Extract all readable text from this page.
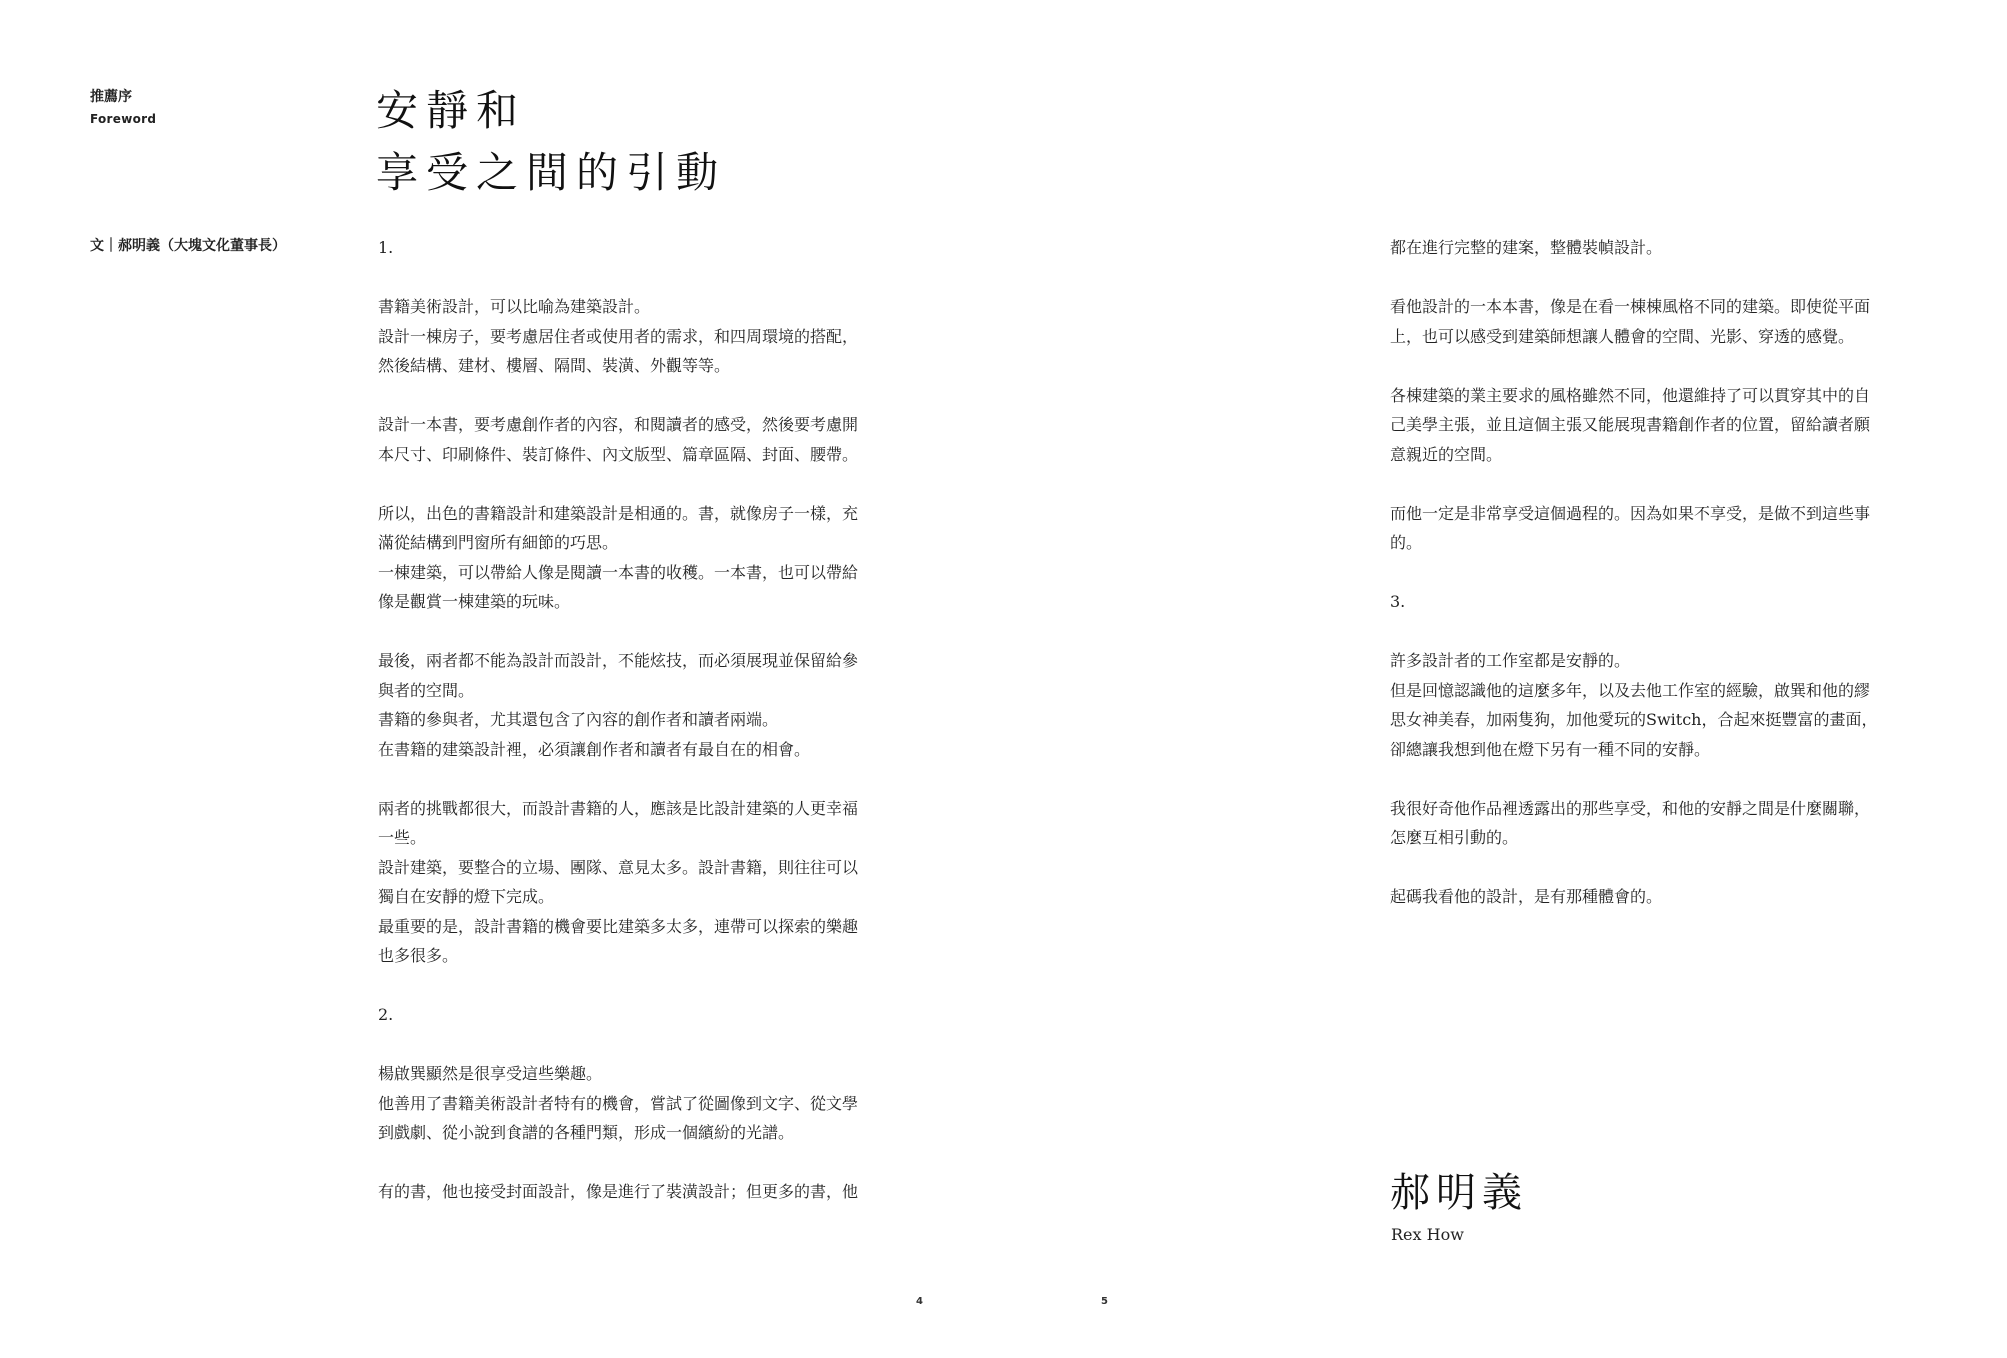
推薦序
Foreword	安靜和
享受之間的引動
文｜郝明義（大塊文化董事長）	1.

書籍美術設計，可以比喻為建築設計。
設計一棟房子，要考慮居住者或使用者的需求，和四周環境的搭配，
然後結構、建材、樓層、隔間、裝潢、外觀等等。

設計一本書，要考慮創作者的內容，和閱讀者的感受，然後要考慮開
本尺寸、印刷條件、裝訂條件、內文版型、篇章區隔、封面、腰帶。

所以，出色的書籍設計和建築設計是相通的。書，就像房子一樣，充
滿從結構到門窗所有細節的巧思。
一棟建築，可以帶給人像是閱讀一本書的收穫。一本書，也可以帶給
像是觀賞一棟建築的玩味。

最後，兩者都不能為設計而設計，不能炫技，而必須展現並保留給參
與者的空間。
書籍的參與者，尤其還包含了內容的創作者和讀者兩端。
在書籍的建築設計裡，必須讓創作者和讀者有最自在的相會。

兩者的挑戰都很大，而設計書籍的人，應該是比設計建築的人更幸福
一些。
設計建築，要整合的立場、團隊、意見太多。設計書籍，則往往可以
獨自在安靜的燈下完成。
最重要的是，設計書籍的機會要比建築多太多，連帶可以探索的樂趣
也多很多。

2.

楊啟巽顯然是很享受這些樂趣。
他善用了書籍美術設計者特有的機會，嘗試了從圖像到文字、從文學
到戲劇、從小說到食譜的各種門類，形成一個繽紛的光譜。

有的書，他也接受封面設計，像是進行了裝潢設計；但更多的書，他

都在進行完整的建案，整體裝幀設計。

看他設計的一本本書，像是在看一棟棟風格不同的建築。即使從平面
上，也可以感受到建築師想讓人體會的空間、光影、穿透的感覺。

各棟建築的業主要求的風格雖然不同，他還維持了可以貫穿其中的自
己美學主張，並且這個主張又能展現書籍創作者的位置，留給讀者願
意親近的空間。

而他一定是非常享受這個過程的。因為如果不享受，是做不到這些事
的。

3.

許多設計者的工作室都是安靜的。
但是回憶認識他的這麼多年，以及去他工作室的經驗，啟巽和他的繆
思女神美春，加兩隻狗，加他愛玩的Switch，合起來挺豐富的畫面，
卻總讓我想到他在燈下另有一種不同的安靜。

我很好奇他作品裡透露出的那些享受，和他的安靜之間是什麼關聯，
怎麼互相引動的。

起碼我看他的設計，是有那種體會的。

郝明義
Rex How
4	5
